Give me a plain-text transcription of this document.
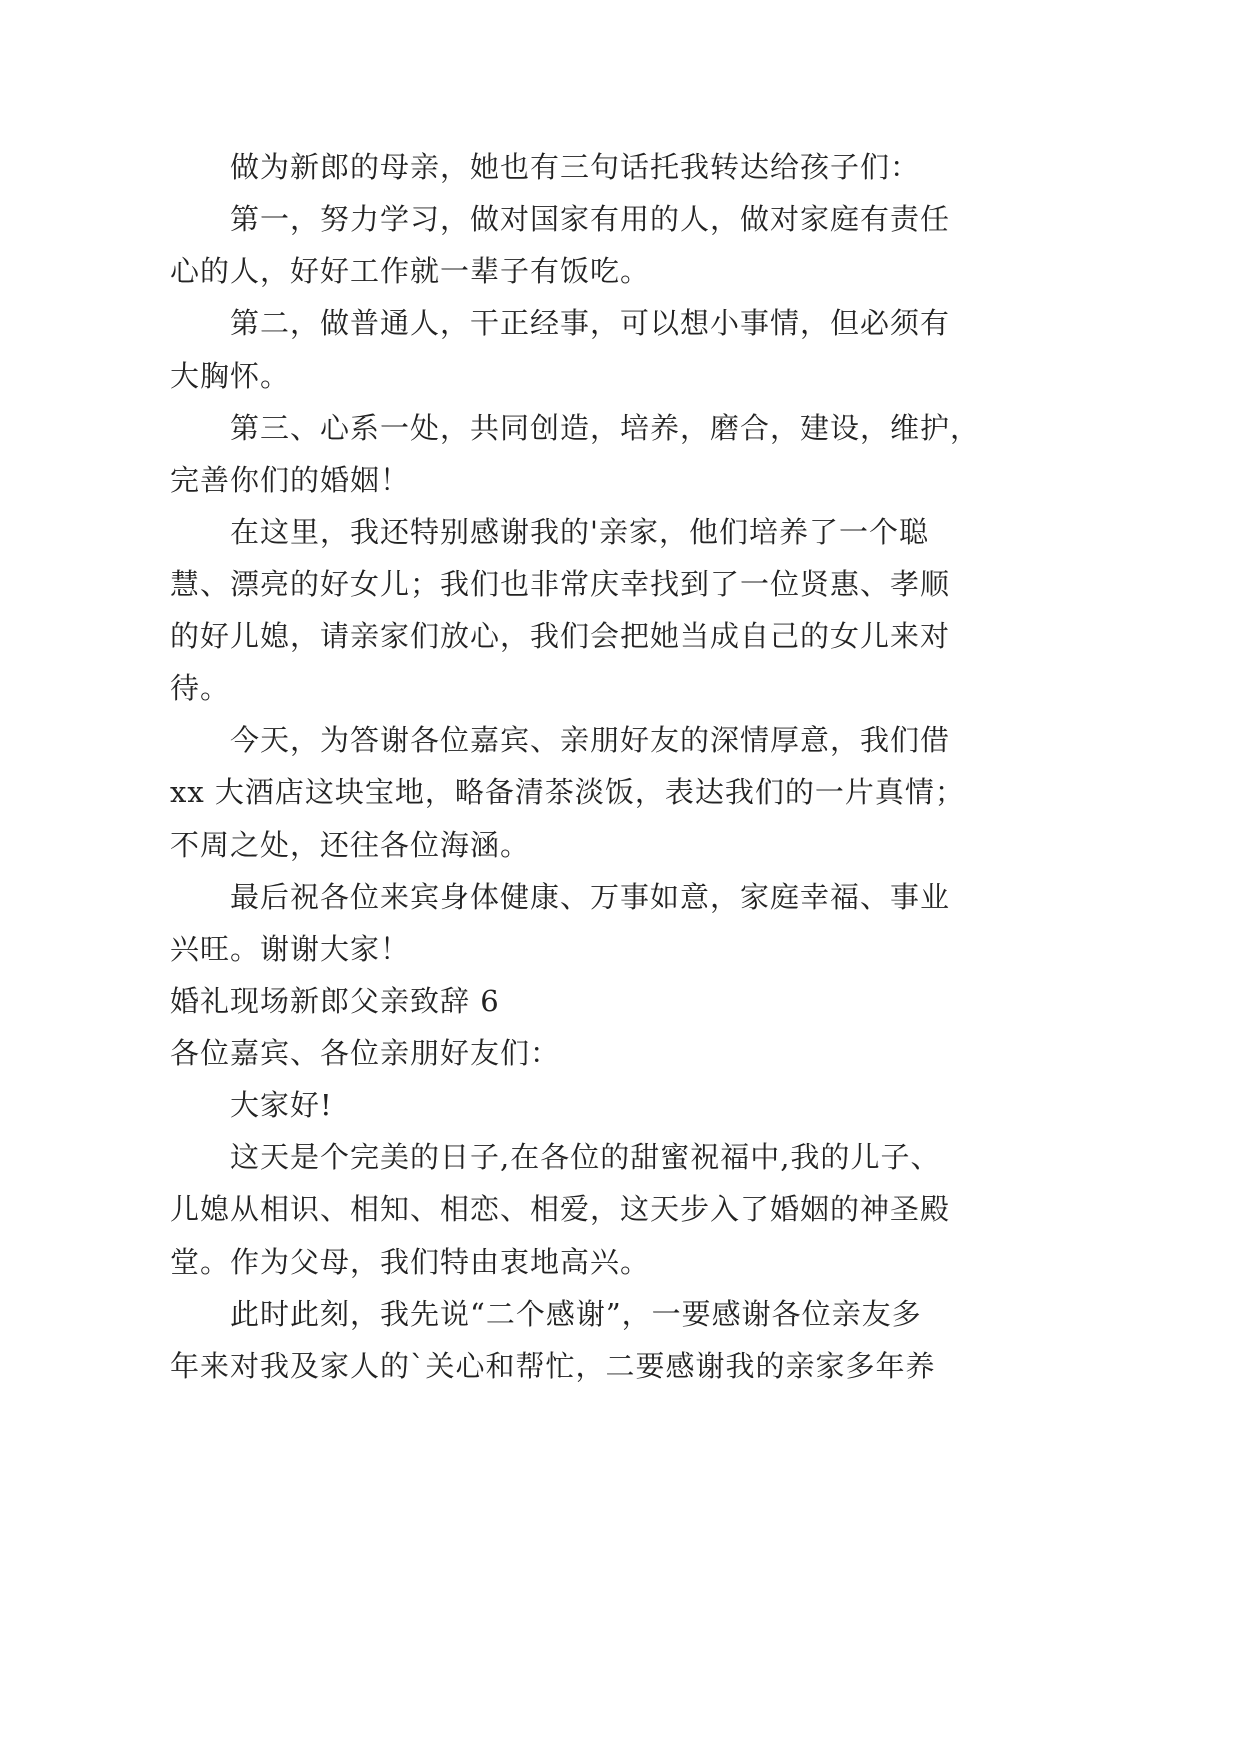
做为新郎的母亲，她也有三句话托我转达给孩子们：
第一，努力学习，做对国家有用的人，做对家庭有责任
心的人，好好工作就一辈子有饭吃。
第二，做普通人，干正经事，可以想小事情，但必须有
大胸怀。
第三、心系一处，共同创造，培养，磨合，建设，维护，
完善你们的婚姻！
在这里，我还特别感谢我的'亲家，他们培养了一个聪
慧、漂亮的好女儿；我们也非常庆幸找到了一位贤惠、孝顺
的好儿媳，请亲家们放心，我们会把她当成自己的女儿来对
待。
今天，为答谢各位嘉宾、亲朋好友的深情厚意，我们借
xx 大酒店这块宝地，略备清茶淡饭，表达我们的一片真情；
不周之处，还往各位海涵。
最后祝各位来宾身体健康、万事如意，家庭幸福、事业
兴旺。谢谢大家！
婚礼现场新郎父亲致辞 6
各位嘉宾、各位亲朋好友们：
大家好!
这天是个完美的日子,在各位的甜蜜祝福中,我的儿子、
儿媳从相识、相知、相恋、相爱，这天步入了婚姻的神圣殿
堂。作为父母，我们特由衷地高兴。
此时此刻，我先说“二个感谢”，一要感谢各位亲友多
年来对我及家人的`关心和帮忙，二要感谢我的亲家多年养
